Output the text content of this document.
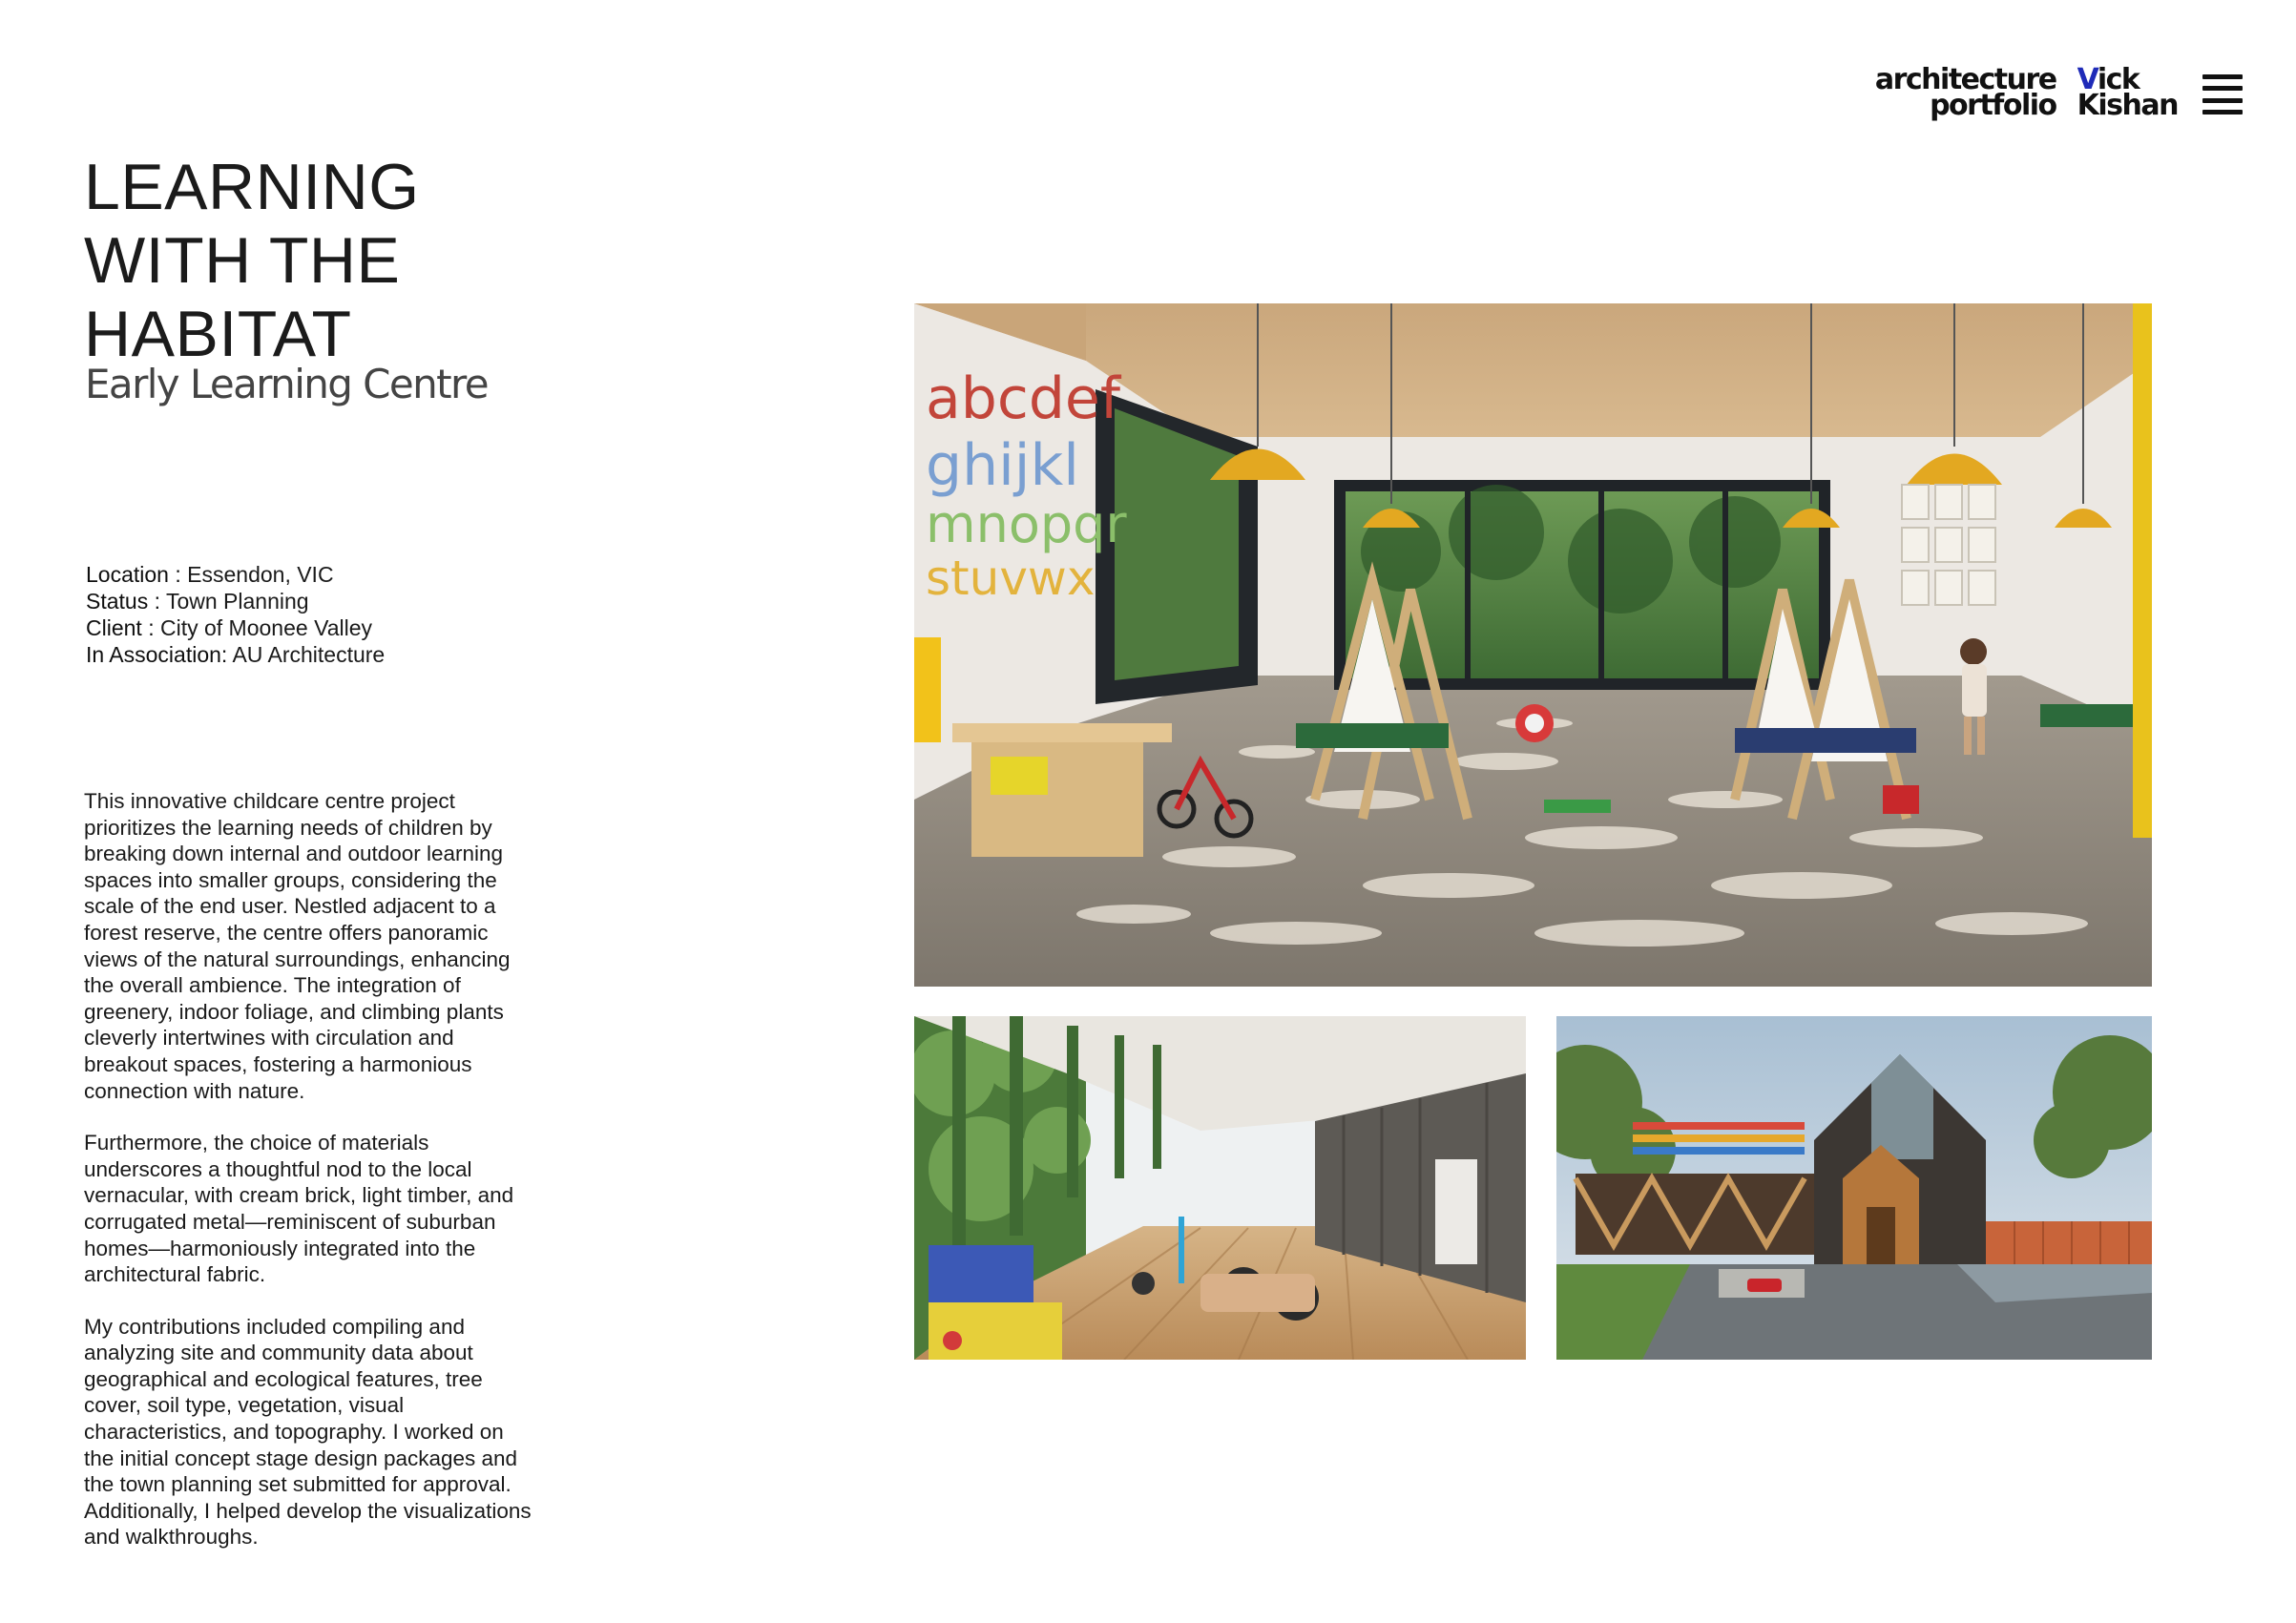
architecture
portfolio
Vick
Kishan
LEARNING
WITH THE
HABITAT
Early Learning Centre
Location : Essendon, VIC
Status : Town Planning
Client : City of Moonee Valley
In Association: AU Architecture

This innovative childcare centre project prioritizes the learning needs of children by breaking down internal and outdoor learning spaces into smaller groups, considering the scale of the end user. Nestled adjacent to a forest reserve, the centre offers panoramic views of the natural surroundings, enhancing the overall ambience. The integration of greenery, indoor foliage, and climbing plants cleverly intertwines with circulation and breakout spaces, fostering a harmonious connection with nature.

Furthermore, the choice of materials underscores a thoughtful nod to the local vernacular, with cream brick, light timber, and corrugated metal—reminiscent of suburban homes—harmoniously integrated into the architectural fabric.

My contributions included compiling and analyzing site and community data about geographical and ecological features, tree cover, soil type, vegetation, visual characteristics, and topography. I worked on the initial concept stage design packages and the town planning set submitted for approval. Additionally, I helped develop the visualizations and walkthroughs.

abcdef
ghijkl
mnopqr
stuvwx
